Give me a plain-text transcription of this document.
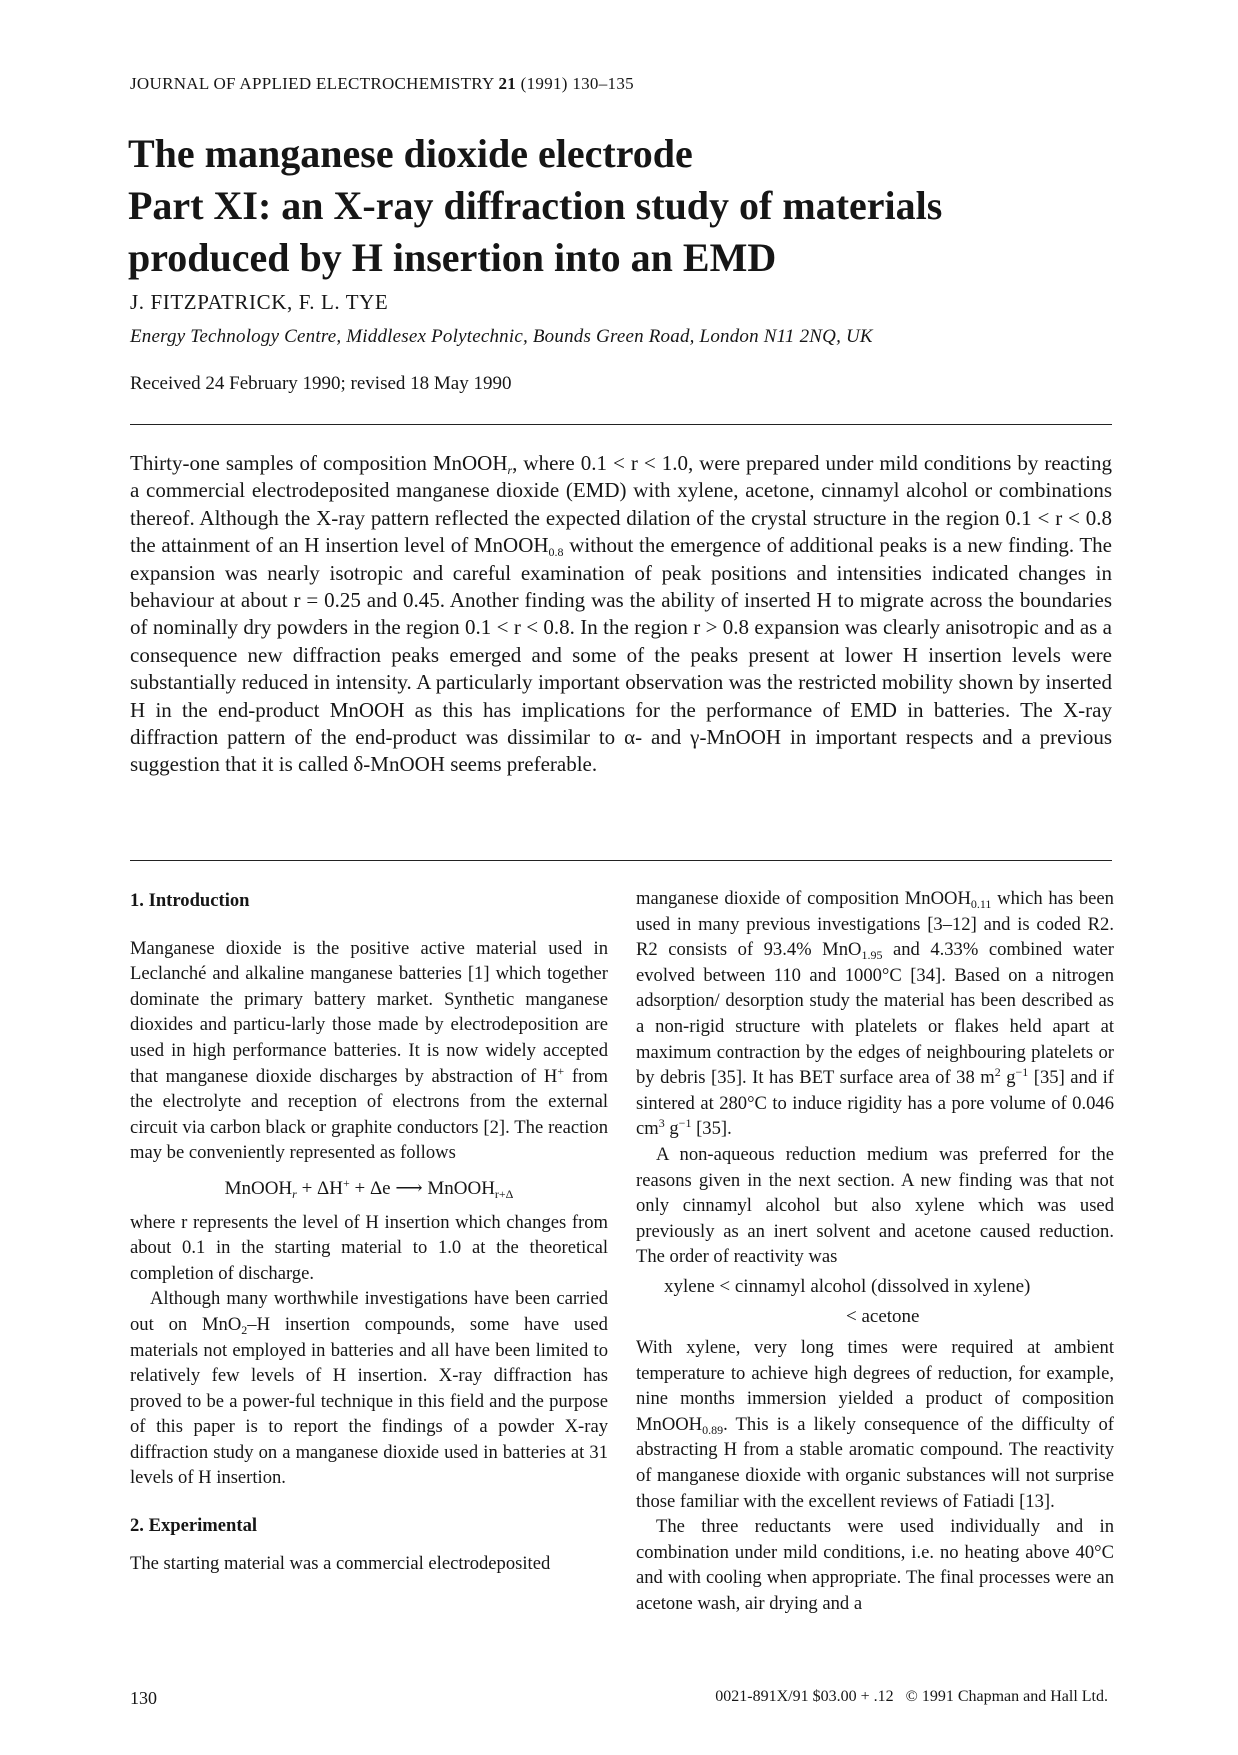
JOURNAL OF APPLIED ELECTROCHEMISTRY 21 (1991) 130–135
The manganese dioxide electrode
Part XI: an X-ray diffraction study of materials
produced by H insertion into an EMD
J. FITZPATRICK, F. L. TYE
Energy Technology Centre, Middlesex Polytechnic, Bounds Green Road, London N11 2NQ, UK
Received 24 February 1990; revised 18 May 1990

Thirty-one samples of composition MnOOH$_r$, where 0.1 < r < 1.0, were prepared under mild conditions by reacting a commercial electrodeposited manganese dioxide (EMD) with xylene, acetone, cinnamyl alcohol or combinations thereof. Although the X-ray pattern reflected the expected dilation of the crystal structure in the region 0.1 < r < 0.8 the attainment of an H insertion level of MnOOH$_{0.8}$ without the emergence of additional peaks is a new finding. The expansion was nearly isotropic and careful examination of peak positions and intensities indicated changes in behaviour at about r = 0.25 and 0.45. Another finding was the ability of inserted H to migrate across the boundaries of nominally dry powders in the region 0.1 < r < 0.8. In the region r > 0.8 expansion was clearly anisotropic and as a consequence new diffraction peaks emerged and some of the peaks present at lower H insertion levels were substantially reduced in intensity. A particularly important observation was the restricted mobility shown by inserted H in the end-product MnOOH as this has implications for the performance of EMD in batteries. The X-ray diffraction pattern of the end-product was dissimilar to α- and γ-MnOOH in important respects and a previous suggestion that it is called δ-MnOOH seems preferable.

1. Introduction

Manganese dioxide is the positive active material used in Leclanché and alkaline manganese batteries [1] which together dominate the primary battery market. Synthetic manganese dioxides and particu-larly those made by electrodeposition are used in high performance batteries. It is now widely accepted that manganese dioxide discharges by abstraction of H+ from the electrolyte and reception of electrons from the external circuit via carbon black or graphite conductors [2]. The reaction may be conveniently represented as follows

MnOOH$_r$ + ΔH+ + Δe ⟶ MnOOH$_{r+\Delta}$

where r represents the level of H insertion which changes from about 0.1 in the starting material to 1.0 at the theoretical completion of discharge.

Although many worthwhile investigations have been carried out on MnO$_2$–H insertion compounds, some have used materials not employed in batteries and all have been limited to relatively few levels of H insertion. X-ray diffraction has proved to be a power-ful technique in this field and the purpose of this paper is to report the findings of a powder X-ray diffraction study on a manganese dioxide used in batteries at 31 levels of H insertion.

2. Experimental

The starting material was a commercial electrodeposited

manganese dioxide of composition MnOOH$_{0.11}$ which has been used in many previous investigations [3–12] and is coded R2. R2 consists of 93.4% MnO$_{1.95}$ and 4.33% combined water evolved between 110 and 1000°C [34]. Based on a nitrogen adsorption/ desorption study the material has been described as a non-rigid structure with platelets or flakes held apart at maximum contraction by the edges of neighbouring platelets or by debris [35]. It has BET surface area of 38 $m^2$ $g^{-1}$ [35] and if sintered at 280°C to induce rigidity has a pore volume of 0.046 $cm^3$ $g^{-1}$ [35].

A non-aqueous reduction medium was preferred for the reasons given in the next section. A new finding was that not only cinnamyl alcohol but also xylene which was used previously as an inert solvent and acetone caused reduction. The order of reactivity was

xylene < cinnamyl alcohol (dissolved in xylene)
< acetone

With xylene, very long times were required at ambient temperature to achieve high degrees of reduction, for example, nine months immersion yielded a product of composition MnOOH$_{0.89}$. This is a likely consequence of the difficulty of abstracting H from a stable aromatic compound. The reactivity of manganese dioxide with organic substances will not surprise those familiar with the excellent reviews of Fatiadi [13].

The three reductants were used individually and in combination under mild conditions, i.e. no heating above 40°C and with cooling when appropriate. The final processes were an acetone wash, air drying and a

130	0021-891X/91 $03.00 + .12 © 1991 Chapman and Hall Ltd.
